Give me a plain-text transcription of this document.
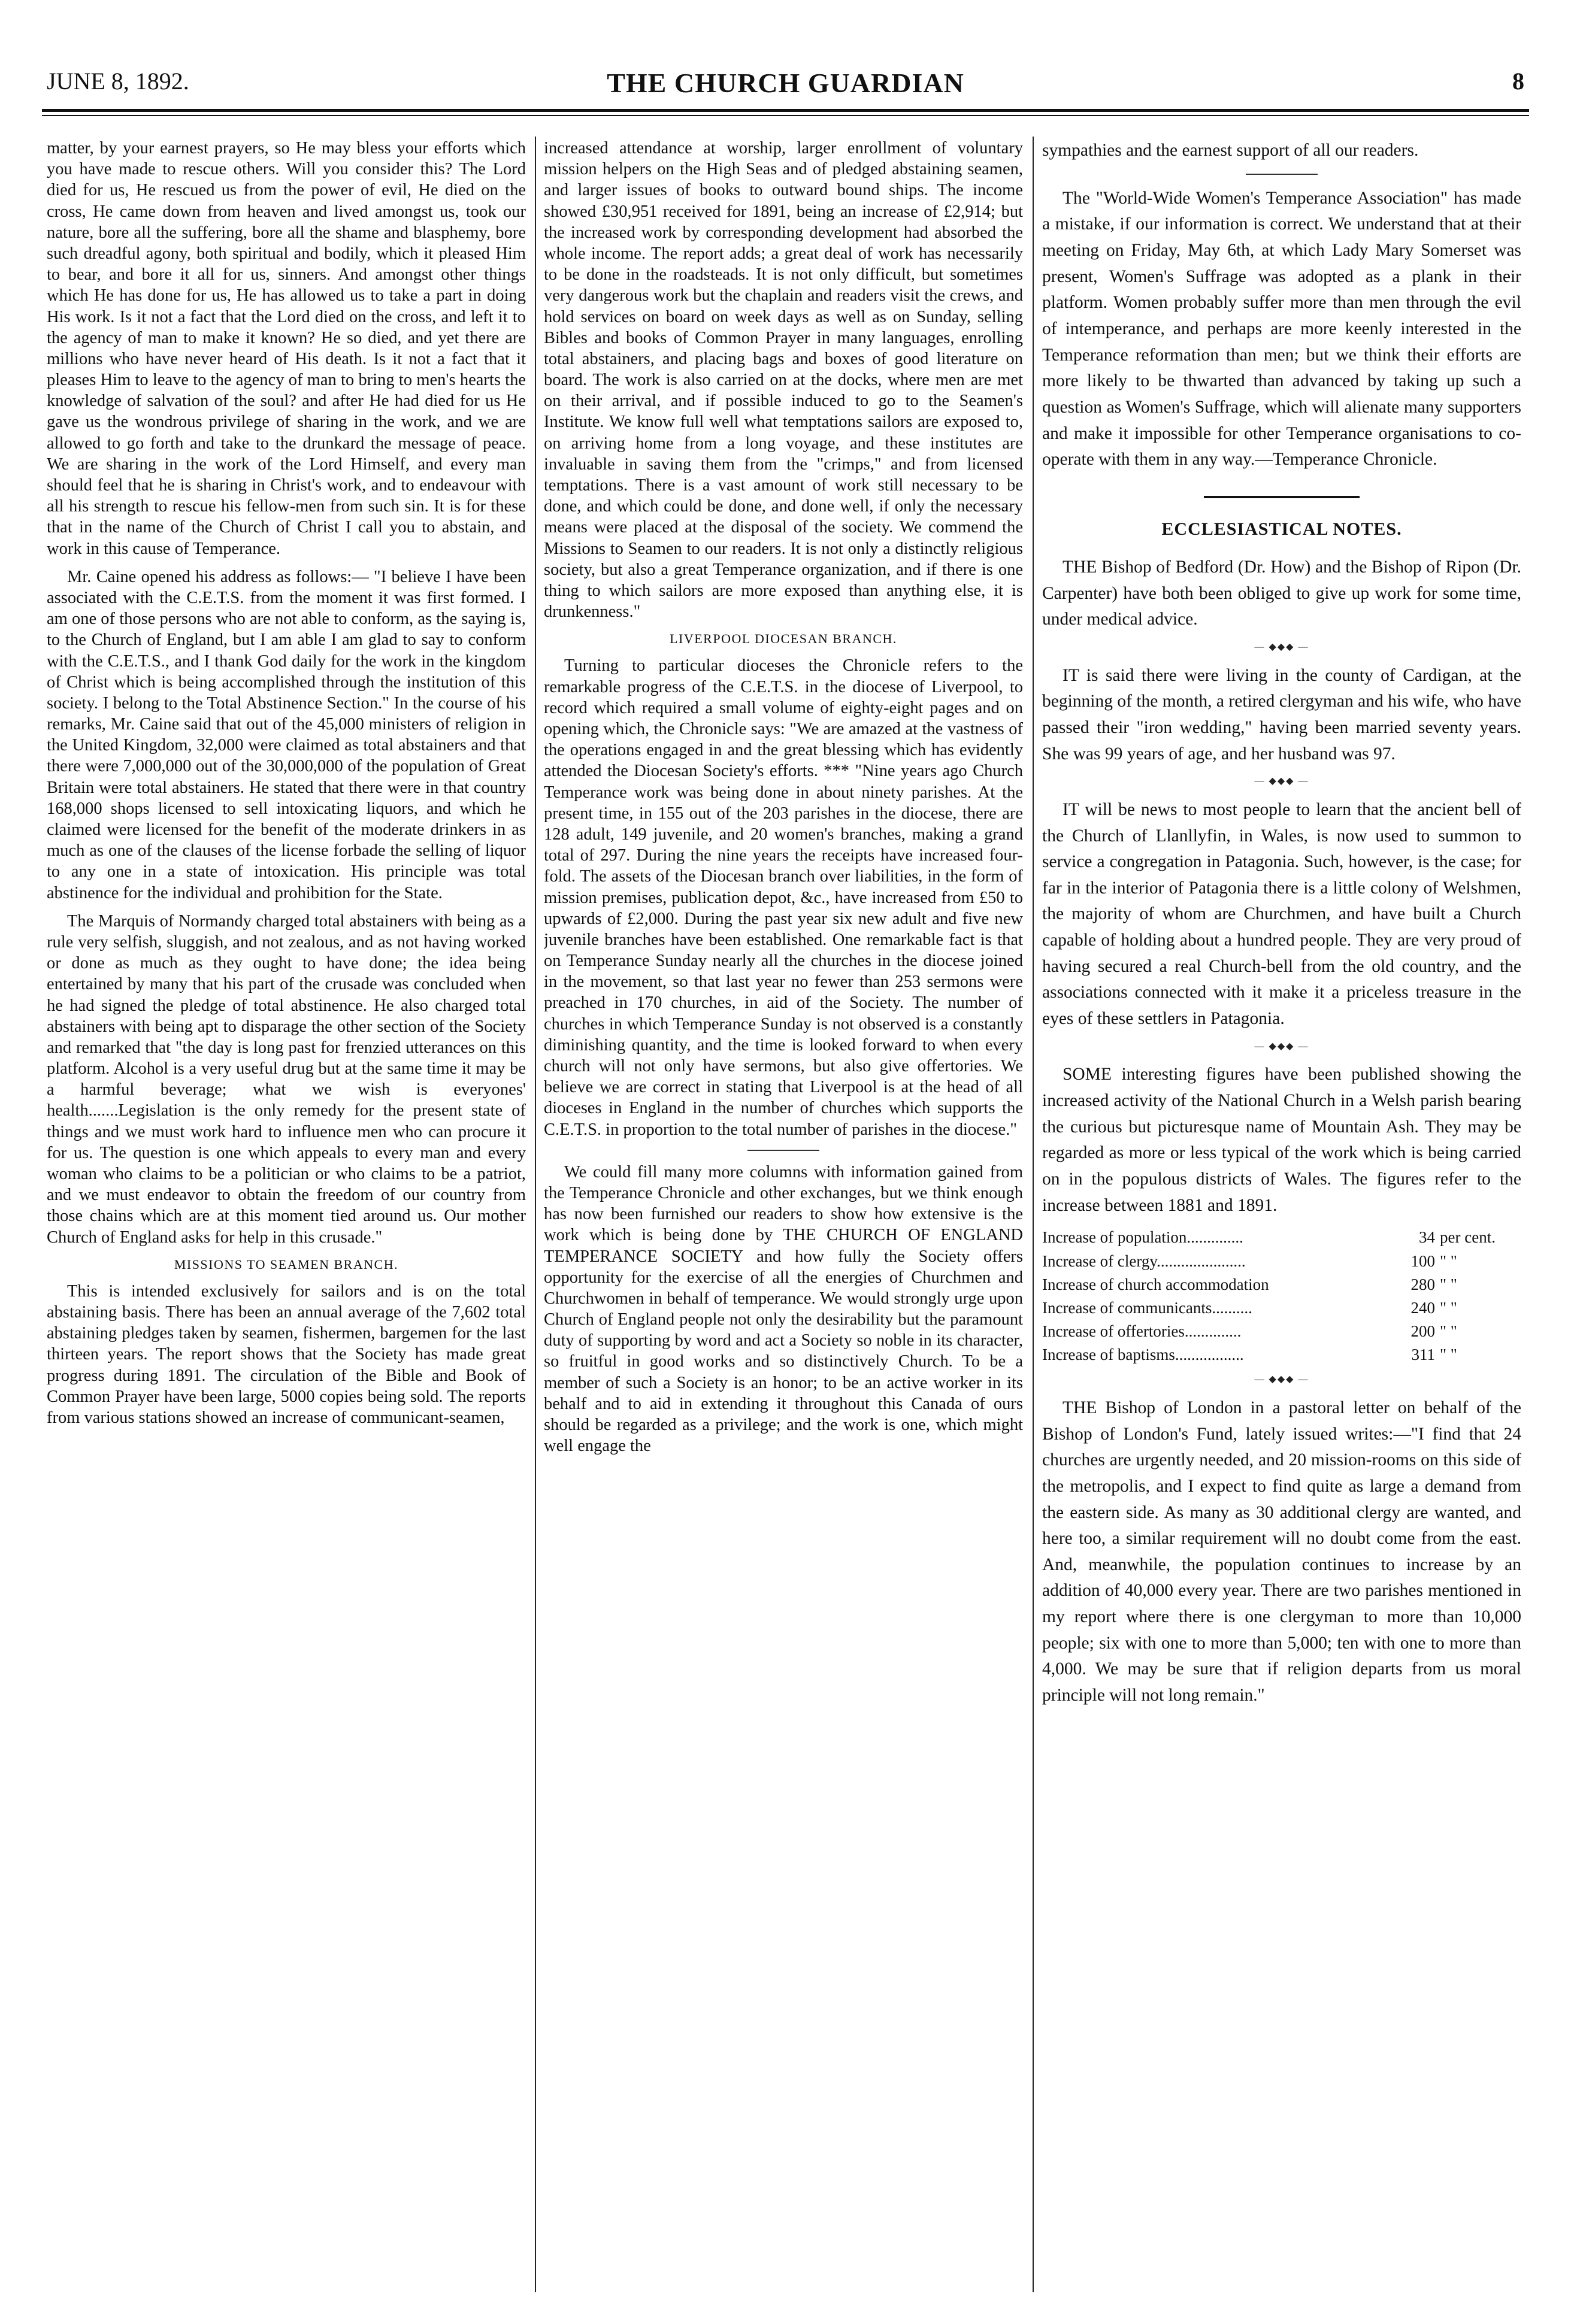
JUNE 8, 1892.	THE CHURCH GUARDIAN	8

matter, by your earnest prayers, so He may bless your efforts which you have made to rescue others. Will you consider this? The Lord died for us, He rescued us from the power of evil, He died on the cross, He came down from heaven and lived amongst us, took our nature, bore all the suffering, bore all the shame and blasphemy, bore such dreadful agony, both spiritual and bodily, which it pleased Him to bear, and bore it all for us, sinners. And amongst other things which He has done for us, He has allowed us to take a part in doing His work. Is it not a fact that the Lord died on the cross, and left it to the agency of man to make it known? He so died, and yet there are millions who have never heard of His death. Is it not a fact that it pleases Him to leave to the agency of man to bring to men's hearts the knowledge of salvation of the soul? and after He had died for us He gave us the wondrous privilege of sharing in the work, and we are allowed to go forth and take to the drunkard the message of peace. We are sharing in the work of the Lord Himself, and every man should feel that he is sharing in Christ's work, and to endeavour with all his strength to rescue his fellow-men from such sin. It is for these that in the name of the Church of Christ I call you to abstain, and work in this cause of Temperance.

Mr. Caine opened his address as follows:— "I believe I have been associated with the C.E.T.S. from the moment it was first formed. I am one of those persons who are not able to conform, as the saying is, to the Church of England, but I am able I am glad to say to conform with the C.E.T.S., and I thank God daily for the work in the kingdom of Christ which is being accomplished through the institution of this society. I belong to the Total Abstinence Section." In the course of his remarks, Mr. Caine said that out of the 45,000 ministers of religion in the United Kingdom, 32,000 were claimed as total abstainers and that there were 7,000,000 out of the 30,000,000 of the population of Great Britain were total abstainers. He stated that there were in that country 168,000 shops licensed to sell intoxicating liquors, and which he claimed were licensed for the benefit of the moderate drinkers in as much as one of the clauses of the license forbade the selling of liquor to any one in a state of intoxication. His principle was total abstinence for the individual and prohibition for the State.

The Marquis of Normandy charged total abstainers with being as a rule very selfish, sluggish, and not zealous, and as not having worked or done as much as they ought to have done; the idea being entertained by many that his part of the crusade was concluded when he had signed the pledge of total abstinence. He also charged total abstainers with being apt to disparage the other section of the Society and remarked that "the day is long past for frenzied utterances on this platform. Alcohol is a very useful drug but at the same time it may be a harmful beverage; what we wish is everyones' health.......Legislation is the only remedy for the present state of things and we must work hard to influence men who can procure it for us. The question is one which appeals to every man and every woman who claims to be a politician or who claims to be a patriot, and we must endeavor to obtain the freedom of our country from those chains which are at this moment tied around us. Our mother Church of England asks for help in this crusade."

MISSIONS TO SEAMEN BRANCH.

This is intended exclusively for sailors and is on the total abstaining basis. There has been an annual average of the 7,602 total abstaining pledges taken by seamen, fishermen, bargemen for the last thirteen years. The report shows that the Society has made great progress during 1891. The circulation of the Bible and Book of Common Prayer have been large, 5000 copies being sold. The reports from various stations showed an increase of communicant-seamen,

increased attendance at worship, larger enrollment of voluntary mission helpers on the High Seas and of pledged abstaining seamen, and larger issues of books to outward bound ships. The income showed £30,951 received for 1891, being an increase of £2,914; but the increased work by corresponding development had absorbed the whole income. The report adds; a great deal of work has necessarily to be done in the roadsteads. It is not only difficult, but sometimes very dangerous work but the chaplain and readers visit the crews, and hold services on board on week days as well as on Sunday, selling Bibles and books of Common Prayer in many languages, enrolling total abstainers, and placing bags and boxes of good literature on board. The work is also carried on at the docks, where men are met on their arrival, and if possible induced to go to the Seamen's Institute. We know full well what temptations sailors are exposed to, on arriving home from a long voyage, and these institutes are invaluable in saving them from the "crimps," and from licensed temptations. There is a vast amount of work still necessary to be done, and which could be done, and done well, if only the necessary means were placed at the disposal of the society. We commend the Missions to Seamen to our readers. It is not only a distinctly religious society, but also a great Temperance organization, and if there is one thing to which sailors are more exposed than anything else, it is drunkenness."

LIVERPOOL DIOCESAN BRANCH.

Turning to particular dioceses the Chronicle refers to the remarkable progress of the C.E.T.S. in the diocese of Liverpool, to record which required a small volume of eighty-eight pages and on opening which, the Chronicle says: "We are amazed at the vastness of the operations engaged in and the great blessing which has evidently attended the Diocesan Society's efforts. *** "Nine years ago Church Temperance work was being done in about ninety parishes. At the present time, in 155 out of the 203 parishes in the diocese, there are 128 adult, 149 juvenile, and 20 women's branches, making a grand total of 297. During the nine years the receipts have increased four-fold. The assets of the Diocesan branch over liabilities, in the form of mission premises, publication depot, &c., have increased from £50 to upwards of £2,000. During the past year six new adult and five new juvenile branches have been established. One remarkable fact is that on Temperance Sunday nearly all the churches in the diocese joined in the movement, so that last year no fewer than 253 sermons were preached in 170 churches, in aid of the Society. The number of churches in which Temperance Sunday is not observed is a constantly diminishing quantity, and the time is looked forward to when every church will not only have sermons, but also give offertories. We believe we are correct in stating that Liverpool is at the head of all dioceses in England in the number of churches which supports the C.E.T.S. in proportion to the total number of parishes in the diocese."

We could fill many more columns with information gained from the Temperance Chronicle and other exchanges, but we think enough has now been furnished our readers to show how extensive is the work which is being done by THE CHURCH OF ENGLAND TEMPERANCE SOCIETY and how fully the Society offers opportunity for the exercise of all the energies of Churchmen and Churchwomen in behalf of temperance. We would strongly urge upon Church of England people not only the desirability but the paramount duty of supporting by word and act a Society so noble in its character, so fruitful in good works and so distinctively Church. To be a member of such a Society is an honor; to be an active worker in its behalf and to aid in extending it throughout this Canada of ours should be regarded as a privilege; and the work is one, which might well engage the

sympathies and the earnest support of all our readers.

The "World-Wide Women's Temperance Association" has made a mistake, if our information is correct. We understand that at their meeting on Friday, May 6th, at which Lady Mary Somerset was present, Women's Suffrage was adopted as a plank in their platform. Women probably suffer more than men through the evil of intemperance, and perhaps are more keenly interested in the Temperance reformation than men; but we think their efforts are more likely to be thwarted than advanced by taking up such a question as Women's Suffrage, which will alienate many supporters and make it impossible for other Temperance organisations to co-operate with them in any way.—Temperance Chronicle.

ECCLESIASTICAL NOTES.

THE Bishop of Bedford (Dr. How) and the Bishop of Ripon (Dr. Carpenter) have both been obliged to give up work for some time, under medical advice.

— ◆◆◆ —

IT is said there were living in the county of Cardigan, at the beginning of the month, a retired clergyman and his wife, who have passed their "iron wedding," having been married seventy years. She was 99 years of age, and her husband was 97.

— ◆◆◆ —

IT will be news to most people to learn that the ancient bell of the Church of Llanllyfin, in Wales, is now used to summon to service a congregation in Patagonia. Such, however, is the case; for far in the interior of Patagonia there is a little colony of Welshmen, the majority of whom are Churchmen, and have built a Church capable of holding about a hundred people. They are very proud of having secured a real Church-bell from the old country, and the associations connected with it make it a priceless treasure in the eyes of these settlers in Patagonia.

— ◆◆◆ —

SOME interesting figures have been published showing the increased activity of the National Church in a Welsh parish bearing the curious but picturesque name of Mountain Ash. They may be regarded as more or less typical of the work which is being carried on in the populous districts of Wales. The figures refer to the increase between 1881 and 1891.

Increase of population..............	34	per cent.
Increase of clergy......................	100	" "
Increase of church accommodation	280	" "
Increase of communicants..........	240	" "
Increase of offertories..............	200	" "
Increase of baptisms.................	311	" "
— ◆◆◆ —

THE Bishop of London in a pastoral letter on behalf of the Bishop of London's Fund, lately issued writes:—"I find that 24 churches are urgently needed, and 20 mission-rooms on this side of the metropolis, and I expect to find quite as large a demand from the eastern side. As many as 30 additional clergy are wanted, and here too, a similar requirement will no doubt come from the east. And, meanwhile, the population continues to increase by an addition of 40,000 every year. There are two parishes mentioned in my report where there is one clergyman to more than 10,000 people; six with one to more than 5,000; ten with one to more than 4,000. We may be sure that if religion departs from us moral principle will not long remain."
